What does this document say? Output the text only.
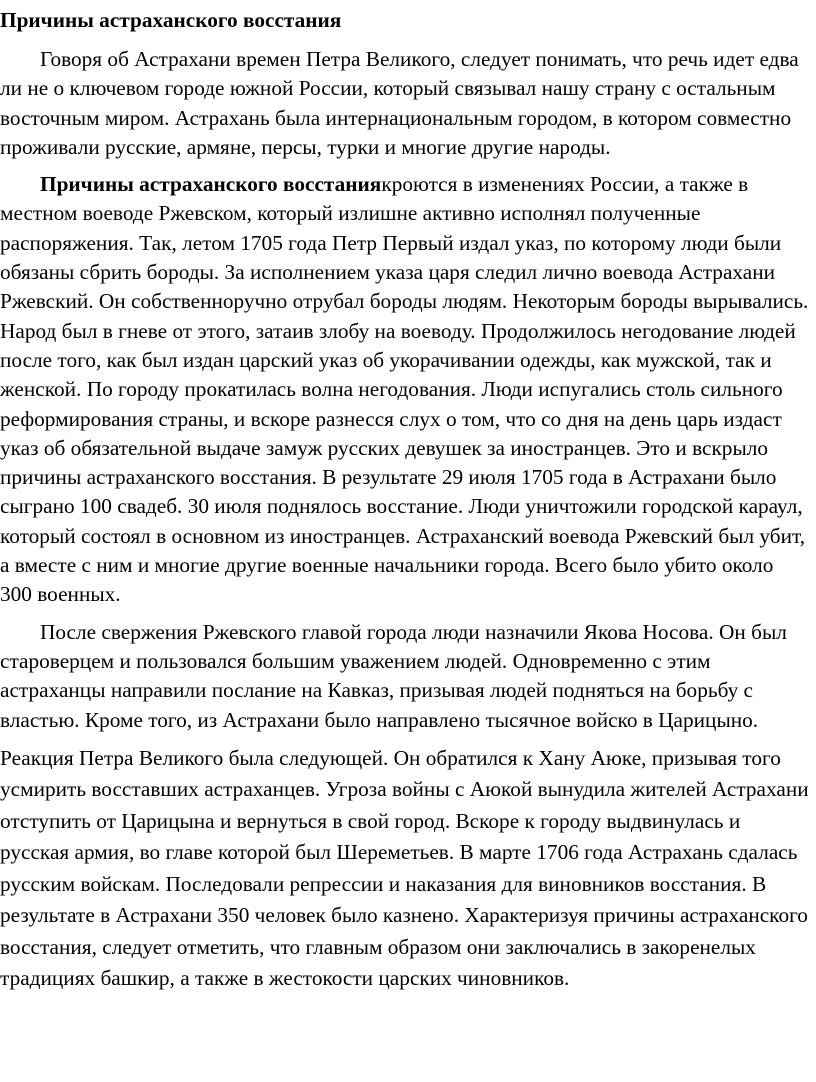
Причины астраханского восстания

Говоря об Астрахани времен Петра Великого, следует понимать, что речь идет едва ли не о ключевом городе южной России, который связывал нашу страну с остальным восточным миром. Астрахань была интернациональным городом, в котором совместно проживали русские, армяне, персы, турки и многие другие народы.

Причины астраханского восстаниякроются в изменениях России, а также в местном воеводе Ржевском, который излишне активно исполнял полученные распоряжения. Так, летом 1705 года Петр Первый издал указ, по которому люди были обязаны сбрить бороды. За исполнением указа царя следил лично воевода Астрахани Ржевский. Он собственноручно отрубал бороды людям. Некоторым бороды вырывались. Народ был в гневе от этого, затаив злобу на воеводу. Продолжилось негодование людей после того, как был издан царский указ об укорачивании одежды, как мужской, так и женской. По городу прокатилась волна негодования. Люди испугались столь сильного реформирования страны, и вскоре разнесся слух о том, что со дня на день царь издаст указ об обязательной выдаче замуж русских девушек за иностранцев. Это и вскрыло причины астраханского восстания. В результате 29 июля 1705 года в Астрахани было сыграно 100 свадеб. 30 июля поднялось восстание. Люди уничтожили городской караул, который состоял в основном из иностранцев. Астраханский воевода Ржевский был убит, а вместе с ним и многие другие военные начальники города. Всего было убито около 300 военных.

После свержения Ржевского главой города люди назначили Якова Носова. Он был староверцем и пользовался большим уважением людей. Одновременно с этим астраханцы направили послание на Кавказ, призывая людей подняться на борьбу с властью. Кроме того, из Астрахани было направлено тысячное войско в Царицыно.

Реакция Петра Великого была следующей. Он обратился к Хану Аюке, призывая того усмирить восставших астраханцев. Угроза войны с Аюкой вынудила жителей Астрахани отступить от Царицына и вернуться в свой город. Вскоре к городу выдвинулась и русская армия, во главе которой был Шереметьев. В марте 1706 года Астрахань сдалась русским войскам. Последовали репрессии и наказания для виновников восстания. В результате в Астрахани 350 человек было казнено. Характеризуя причины астраханского восстания, следует отметить, что главным образом они заключались в закоренелых традициях башкир, а также в жестокости царских чиновников.
